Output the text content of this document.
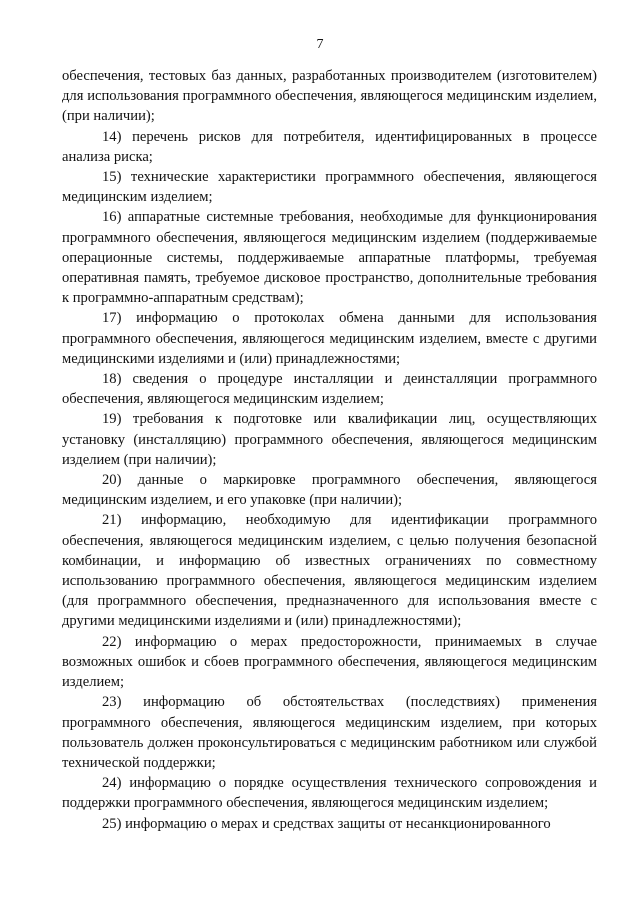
7

обеспечения, тестовых баз данных, разработанных производителем (изготовителем) для использования программного обеспечения, являющегося медицинским изделием, (при наличии);

14) перечень рисков для потребителя, идентифицированных в процессе анализа риска;

15) технические характеристики программного обеспечения, являющегося медицинским изделием;

16) аппаратные системные требования, необходимые для функционирования программного обеспечения, являющегося медицинским изделием (поддерживаемые операционные системы, поддерживаемые аппаратные платформы, требуемая оперативная память, требуемое дисковое пространство, дополнительные требования к программно-аппаратным средствам);

17) информацию о протоколах обмена данными для использования программного обеспечения, являющегося медицинским изделием, вместе с другими медицинскими изделиями и (или) принадлежностями;

18) сведения о процедуре инсталляции и деинсталляции программного обеспечения, являющегося медицинским изделием;

19) требования к подготовке или квалификации лиц, осуществляющих установку (инсталляцию) программного обеспечения, являющегося медицинским изделием (при наличии);

20) данные о маркировке программного обеспечения, являющегося медицинским изделием, и его упаковке (при наличии);

21) информацию, необходимую для идентификации программного обеспечения, являющегося медицинским изделием, с целью получения безопасной комбинации, и информацию об известных ограничениях по совместному использованию программного обеспечения, являющегося медицинским изделием (для программного обеспечения, предназначенного для использования вместе с другими медицинскими изделиями и (или) принадлежностями);

22) информацию о мерах предосторожности, принимаемых в случае возможных ошибок и сбоев программного обеспечения, являющегося медицинским изделием;

23) информацию об обстоятельствах (последствиях) применения программного обеспечения, являющегося медицинским изделием, при которых пользователь должен проконсультироваться с медицинским работником или службой технической поддержки;

24) информацию о порядке осуществления технического сопровождения и поддержки программного обеспечения, являющегося медицинским изделием;

25) информацию о мерах и средствах защиты от несанкционированного
